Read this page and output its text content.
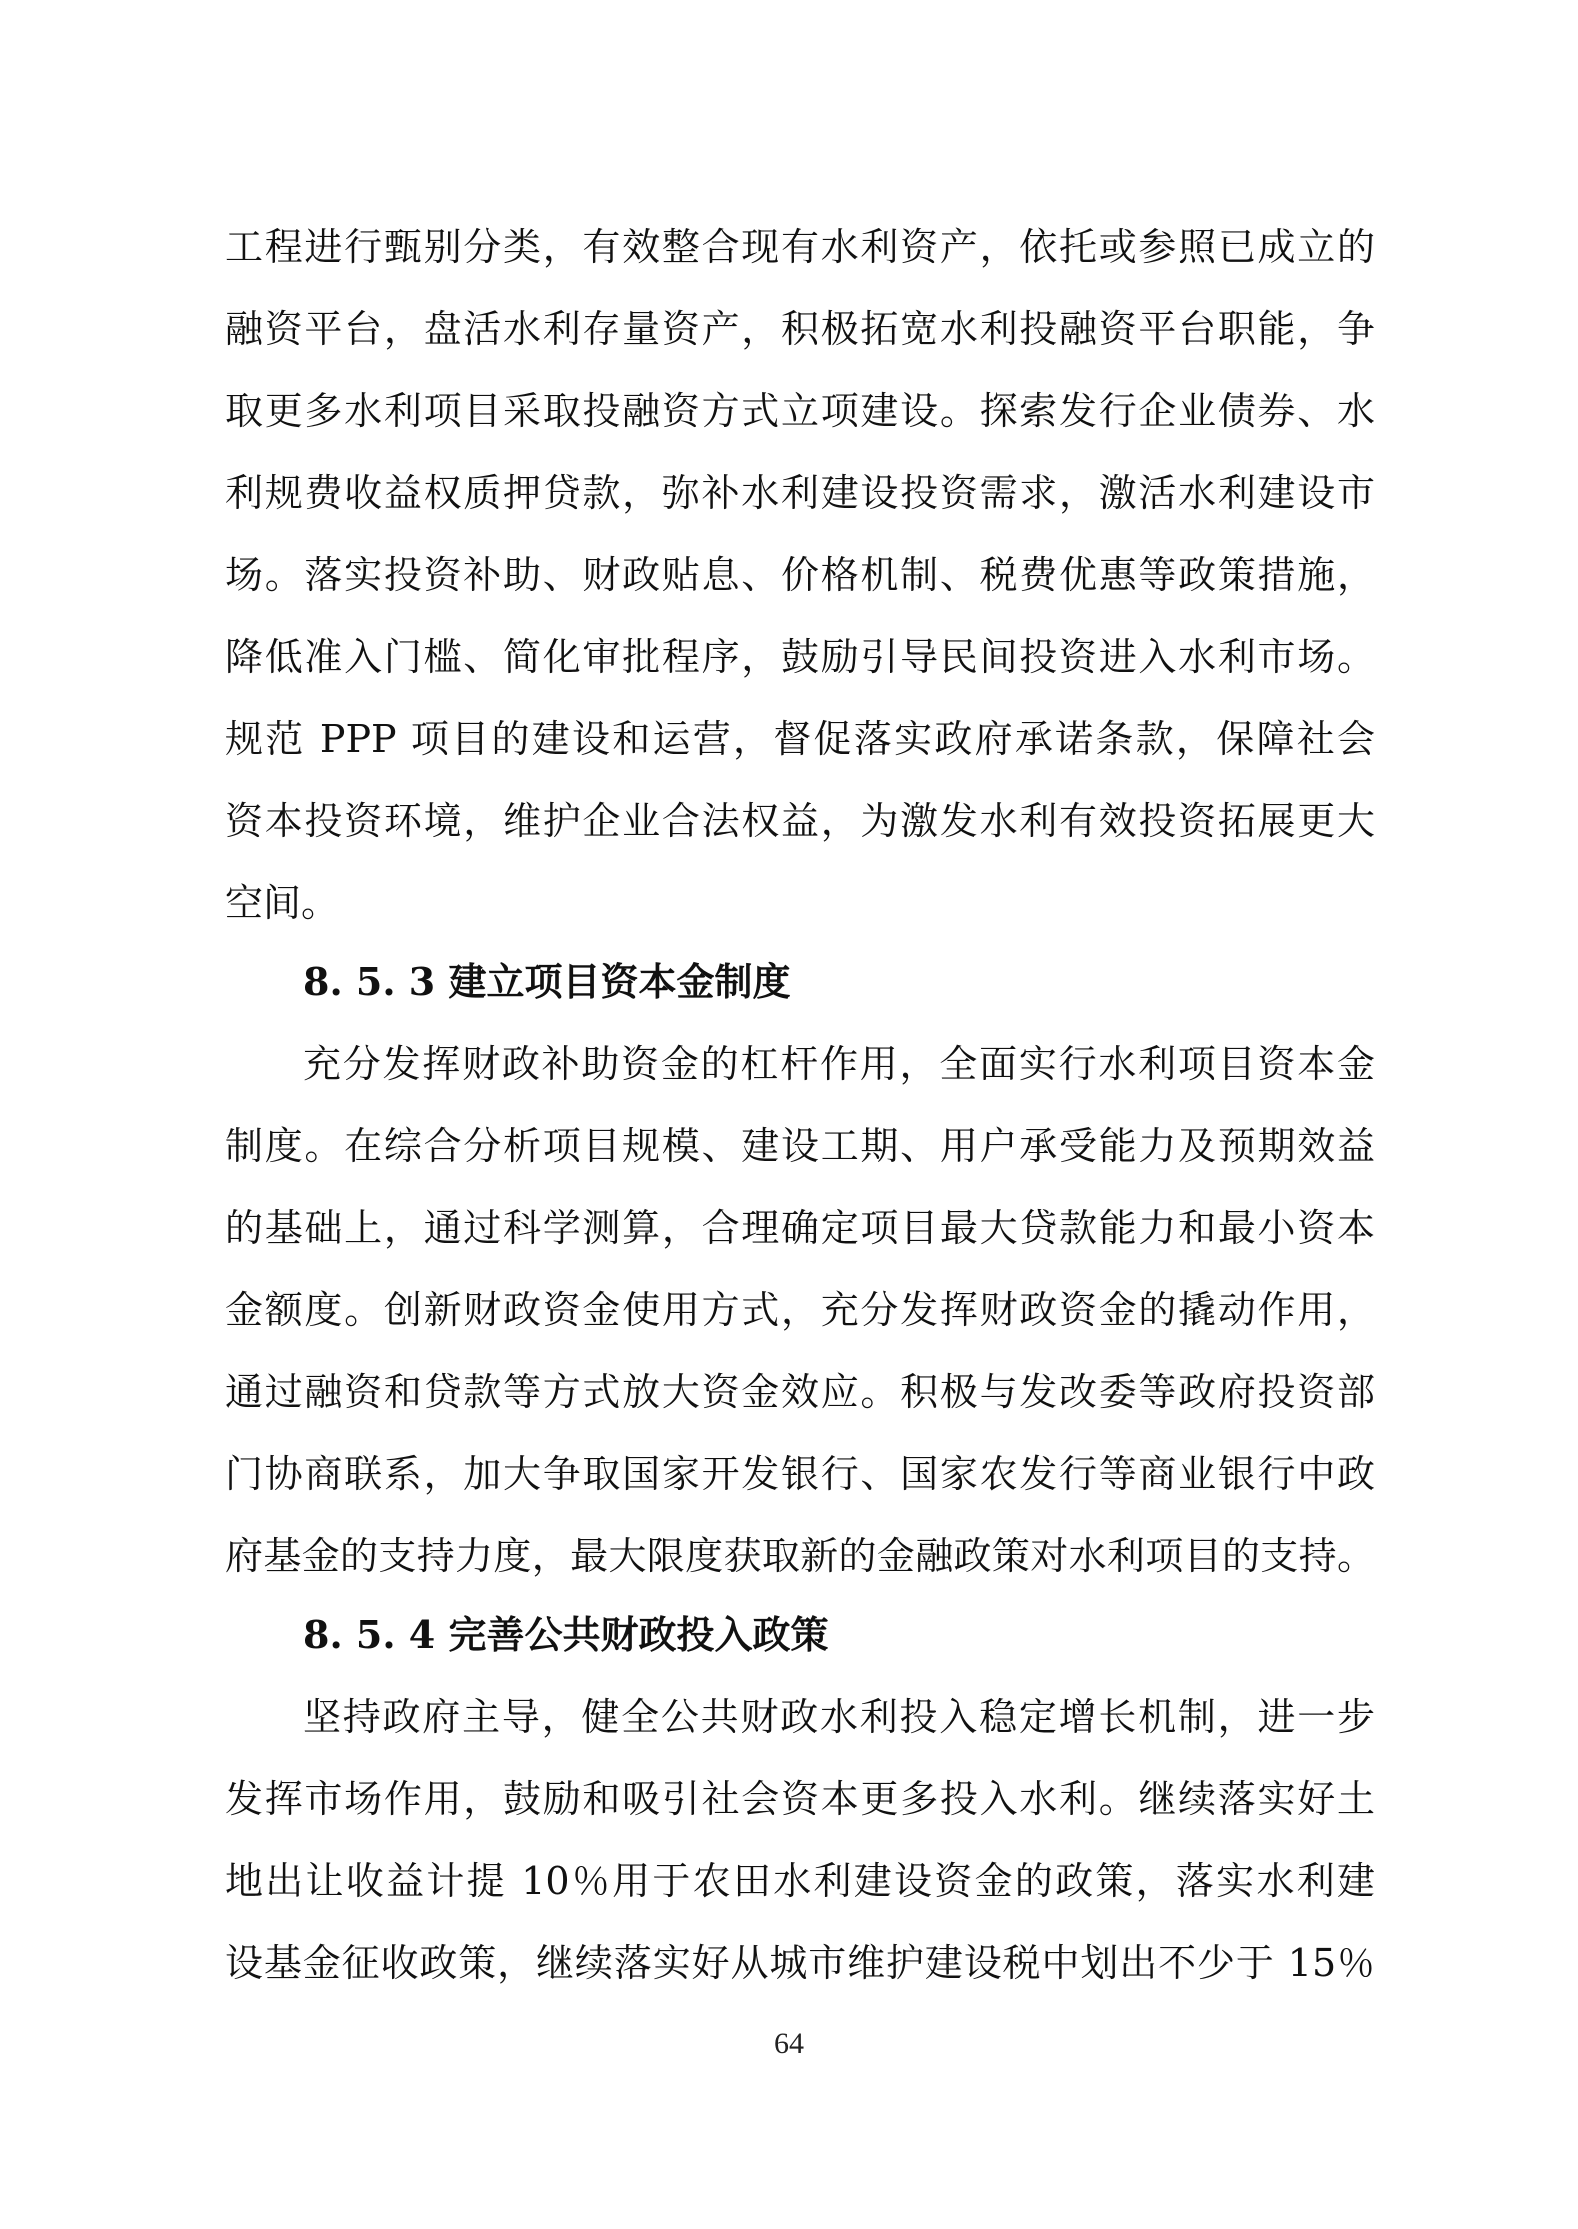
工程进行甄别分类，有效整合现有水利资产，依托或参照已成立的
融资平台，盘活水利存量资产，积极拓宽水利投融资平台职能，争
取更多水利项目采取投融资方式立项建设。探索发行企业债券、水
利规费收益权质押贷款，弥补水利建设投资需求，激活水利建设市
场。落实投资补助、财政贴息、价格机制、税费优惠等政策措施，
降低准入门槛、简化审批程序，鼓励引导民间投资进入水利市场。
规范 PPP 项目的建设和运营，督促落实政府承诺条款，保障社会
资本投资环境，维护企业合法权益，为激发水利有效投资拓展更大
空间。
8. 5. 3 建立项目资本金制度
充分发挥财政补助资金的杠杆作用，全面实行水利项目资本金
制度。在综合分析项目规模、建设工期、用户承受能力及预期效益
的基础上，通过科学测算，合理确定项目最大贷款能力和最小资本
金额度。创新财政资金使用方式，充分发挥财政资金的撬动作用，
通过融资和贷款等方式放大资金效应。积极与发改委等政府投资部
门协商联系，加大争取国家开发银行、国家农发行等商业银行中政
府基金的支持力度，最大限度获取新的金融政策对水利项目的支持。
8. 5. 4 完善公共财政投入政策
坚持政府主导，健全公共财政水利投入稳定增长机制，进一步
发挥市场作用，鼓励和吸引社会资本更多投入水利。继续落实好土
地出让收益计提 10％用于农田水利建设资金的政策，落实水利建
设基金征收政策，继续落实好从城市维护建设税中划出不少于 15％
64
